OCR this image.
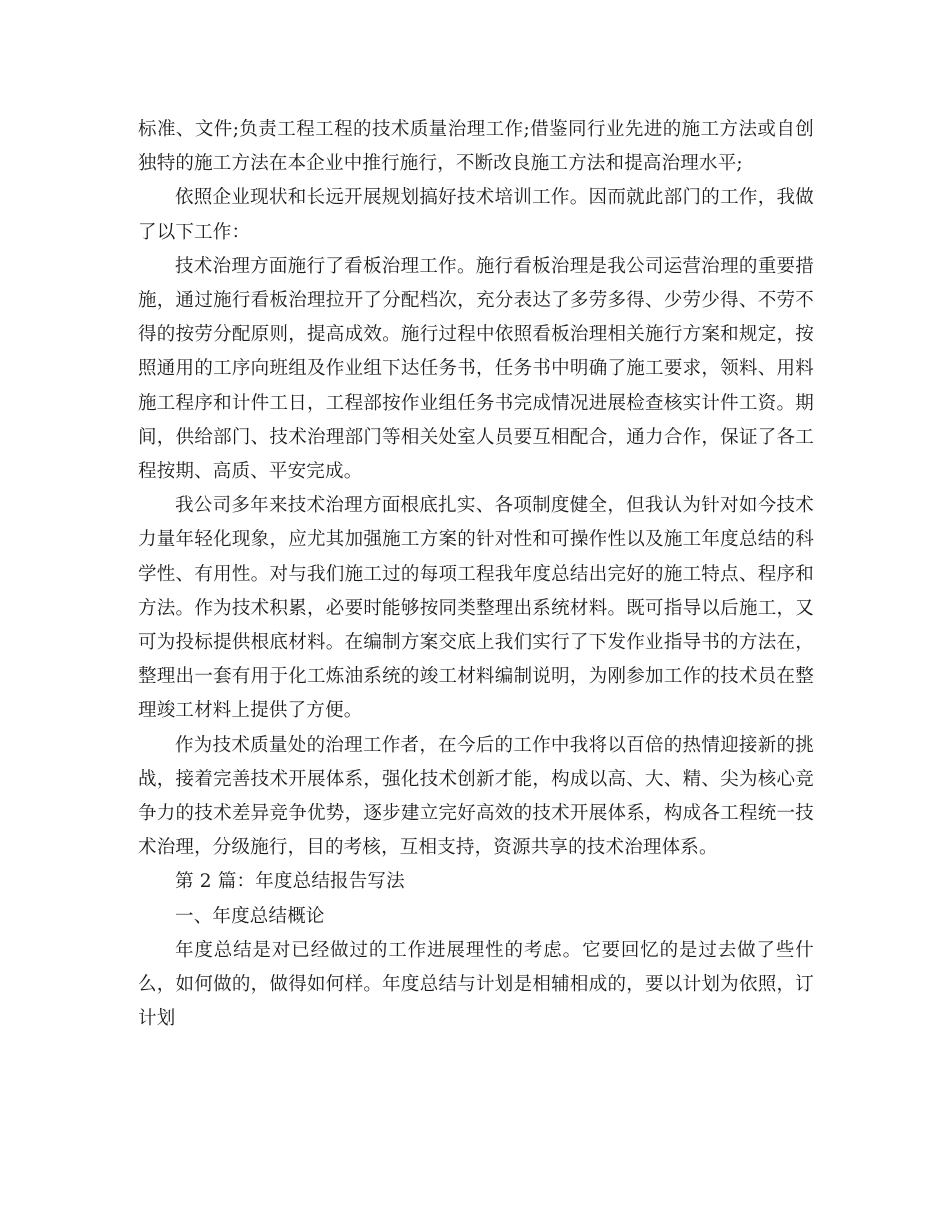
标准、文件;负责工程工程的技术质量治理工作;借鉴同行业先进的施工方法或自创独特的施工方法在本企业中推行施行，不断改良施工方法和提高治理水平;

依照企业现状和长远开展规划搞好技术培训工作。因而就此部门的工作，我做了以下工作：

技术治理方面施行了看板治理工作。施行看板治理是我公司运营治理的重要措施，通过施行看板治理拉开了分配档次，充分表达了多劳多得、少劳少得、不劳不得的按劳分配原则，提高成效。施行过程中依照看板治理相关施行方案和规定，按照通用的工序向班组及作业组下达任务书，任务书中明确了施工要求，领料、用料施工程序和计件工日，工程部按作业组任务书完成情况进展检查核实计件工资。期间，供给部门、技术治理部门等相关处室人员要互相配合，通力合作，保证了各工程按期、高质、平安完成。

我公司多年来技术治理方面根底扎实、各项制度健全，但我认为针对如今技术力量年轻化现象，应尤其加强施工方案的针对性和可操作性以及施工年度总结的科学性、有用性。对与我们施工过的每项工程我年度总结出完好的施工特点、程序和方法。作为技术积累，必要时能够按同类整理出系统材料。既可指导以后施工，又可为投标提供根底材料。在编制方案交底上我们实行了下发作业指导书的方法在，整理出一套有用于化工炼油系统的竣工材料编制说明，为刚参加工作的技术员在整理竣工材料上提供了方便。

作为技术质量处的治理工作者，在今后的工作中我将以百倍的热情迎接新的挑战，接着完善技术开展体系，强化技术创新才能，构成以高、大、精、尖为核心竞争力的技术差异竞争优势，逐步建立完好高效的技术开展体系，构成各工程统一技术治理，分级施行，目的考核，互相支持，资源共享的技术治理体系。

第 2 篇：年度总结报告写法

一、年度总结概论

年度总结是对已经做过的工作进展理性的考虑。它要回忆的是过去做了些什么，如何做的，做得如何样。年度总结与计划是相辅相成的，要以计划为依照，订计划
